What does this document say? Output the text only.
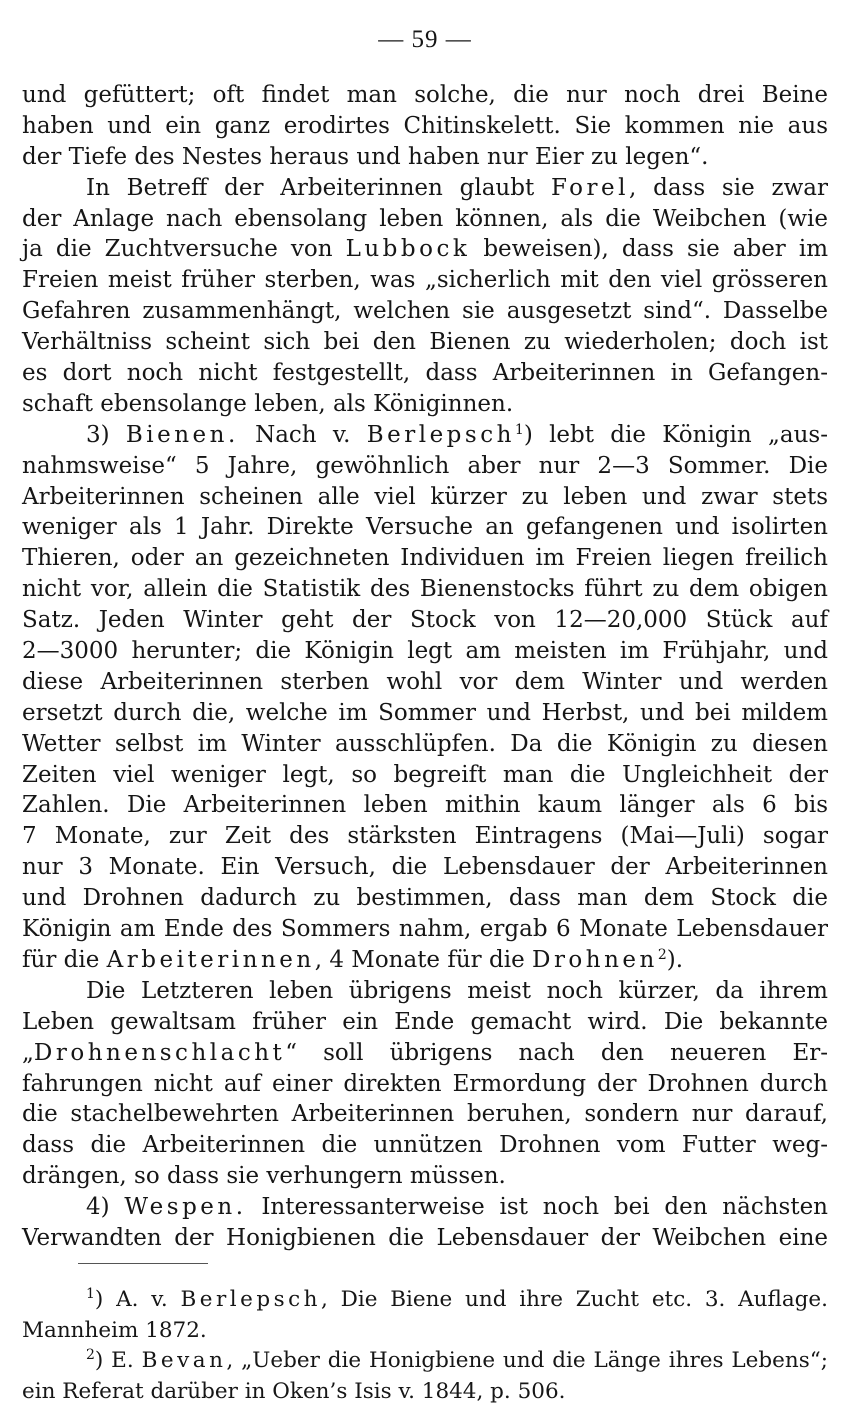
— 59 —
und gefüttert; oft findet man solche, die nur noch drei Beine
haben und ein ganz erodirtes Chitinskelett. Sie kommen nie aus
der Tiefe des Nestes heraus und haben nur Eier zu legen“.
In Betreff der Arbeiterinnen glaubt Forel, dass sie zwar
der Anlage nach ebensolang leben können, als die Weibchen (wie
ja die Zuchtversuche von Lubbock beweisen), dass sie aber im
Freien meist früher sterben, was „sicherlich mit den viel grösseren
Gefahren zusammenhängt, welchen sie ausgesetzt sind“. Dasselbe
Verhältniss scheint sich bei den Bienen zu wiederholen; doch ist
es dort noch nicht festgestellt, dass Arbeiterinnen in Gefangen-
schaft ebensolange leben, als Königinnen.
3) Bienen. Nach v. Berlepsch$^1$) lebt die Königin „aus-
nahmsweise“ 5 Jahre, gewöhnlich aber nur 2—3 Sommer. Die
Arbeiterinnen scheinen alle viel kürzer zu leben und zwar stets
weniger als 1 Jahr. Direkte Versuche an gefangenen und isolirten
Thieren, oder an gezeichneten Individuen im Freien liegen freilich
nicht vor, allein die Statistik des Bienenstocks führt zu dem obigen
Satz. Jeden Winter geht der Stock von 12—20,000 Stück auf
2—3000 herunter; die Königin legt am meisten im Frühjahr, und
diese Arbeiterinnen sterben wohl vor dem Winter und werden
ersetzt durch die, welche im Sommer und Herbst, und bei mildem
Wetter selbst im Winter ausschlüpfen. Da die Königin zu diesen
Zeiten viel weniger legt, so begreift man die Ungleichheit der
Zahlen. Die Arbeiterinnen leben mithin kaum länger als 6 bis
7 Monate, zur Zeit des stärksten Eintragens (Mai—Juli) sogar
nur 3 Monate. Ein Versuch, die Lebensdauer der Arbeiterinnen
und Drohnen dadurch zu bestimmen, dass man dem Stock die
Königin am Ende des Sommers nahm, ergab 6 Monate Lebensdauer
für die Arbeiterinnen, 4 Monate für die Drohnen$^2$).
Die Letzteren leben übrigens meist noch kürzer, da ihrem
Leben gewaltsam früher ein Ende gemacht wird. Die bekannte
„Drohnenschlacht“ soll übrigens nach den neueren Er-
fahrungen nicht auf einer direkten Ermordung der Drohnen durch
die stachelbewehrten Arbeiterinnen beruhen, sondern nur darauf,
dass die Arbeiterinnen die unnützen Drohnen vom Futter weg-
drängen, so dass sie verhungern müssen.
4) Wespen. Interessanterweise ist noch bei den nächsten
Verwandten der Honigbienen die Lebensdauer der Weibchen eine
$^1$) A. v. Berlepsch, Die Biene und ihre Zucht etc. 3. Auflage.
Mannheim 1872.
$^2$) E. Bevan, „Ueber die Honigbiene und die Länge ihres Lebens“;
ein Referat darüber in Oken’s Isis v. 1844, p. 506.
